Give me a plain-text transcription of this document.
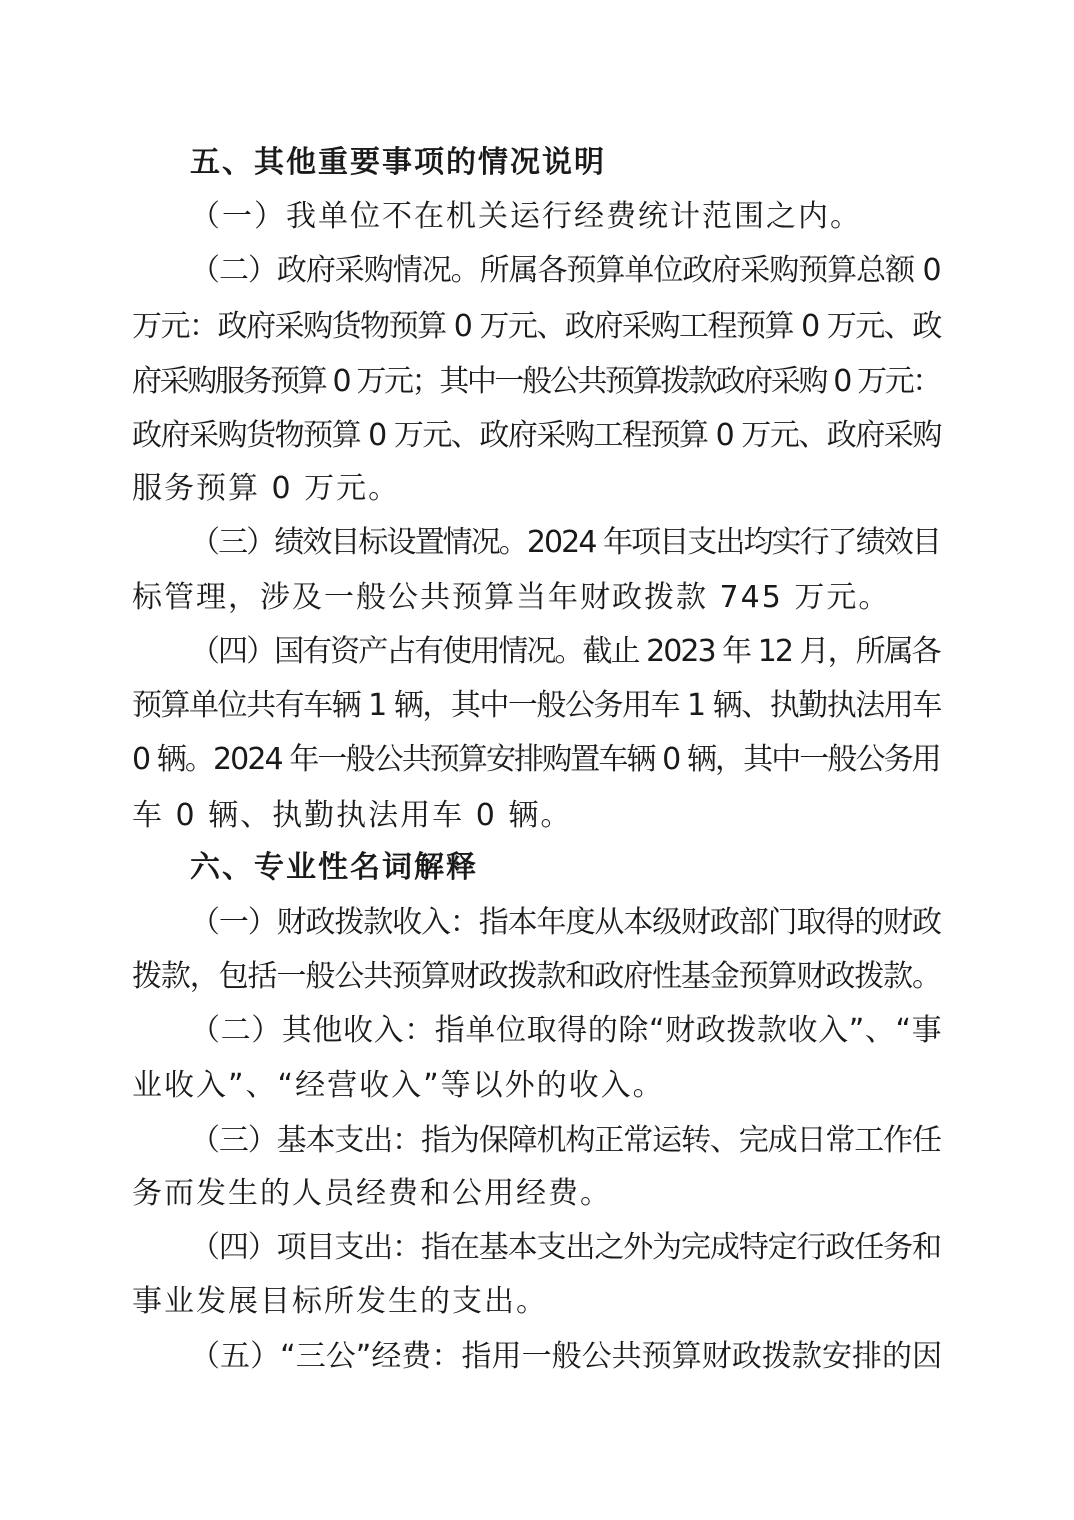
五、其他重要事项的情况说明
（一）我单位不在机关运行经费统计范围之内。
（二）政府采购情况。所属各预算单位政府采购预算总额 0
万元：政府采购货物预算 0 万元、政府采购工程预算 0 万元、政
府采购服务预算 0 万元；其中一般公共预算拨款政府采购 0 万元：
政府采购货物预算 0 万元、政府采购工程预算 0 万元、政府采购
服务预算 0 万元。
（三）绩效目标设置情况。2024 年项目支出均实行了绩效目
标管理，涉及一般公共预算当年财政拨款 745 万元。
（四）国有资产占有使用情况。截止 2023 年 12 月，所属各
预算单位共有车辆 1 辆，其中一般公务用车 1 辆、执勤执法用车
0 辆。2024 年一般公共预算安排购置车辆 0 辆，其中一般公务用
车 0 辆、执勤执法用车 0 辆。
六、专业性名词解释
（一）财政拨款收入：指本年度从本级财政部门取得的财政
拨款，包括一般公共预算财政拨款和政府性基金预算财政拨款。
（二）其他收入：指单位取得的除“财政拨款收入”、“事
业收入”、“经营收入”等以外的收入。
（三）基本支出：指为保障机构正常运转、完成日常工作任
务而发生的人员经费和公用经费。
（四）项目支出：指在基本支出之外为完成特定行政任务和
事业发展目标所发生的支出。
（五）“三公”经费：指用一般公共预算财政拨款安排的因
